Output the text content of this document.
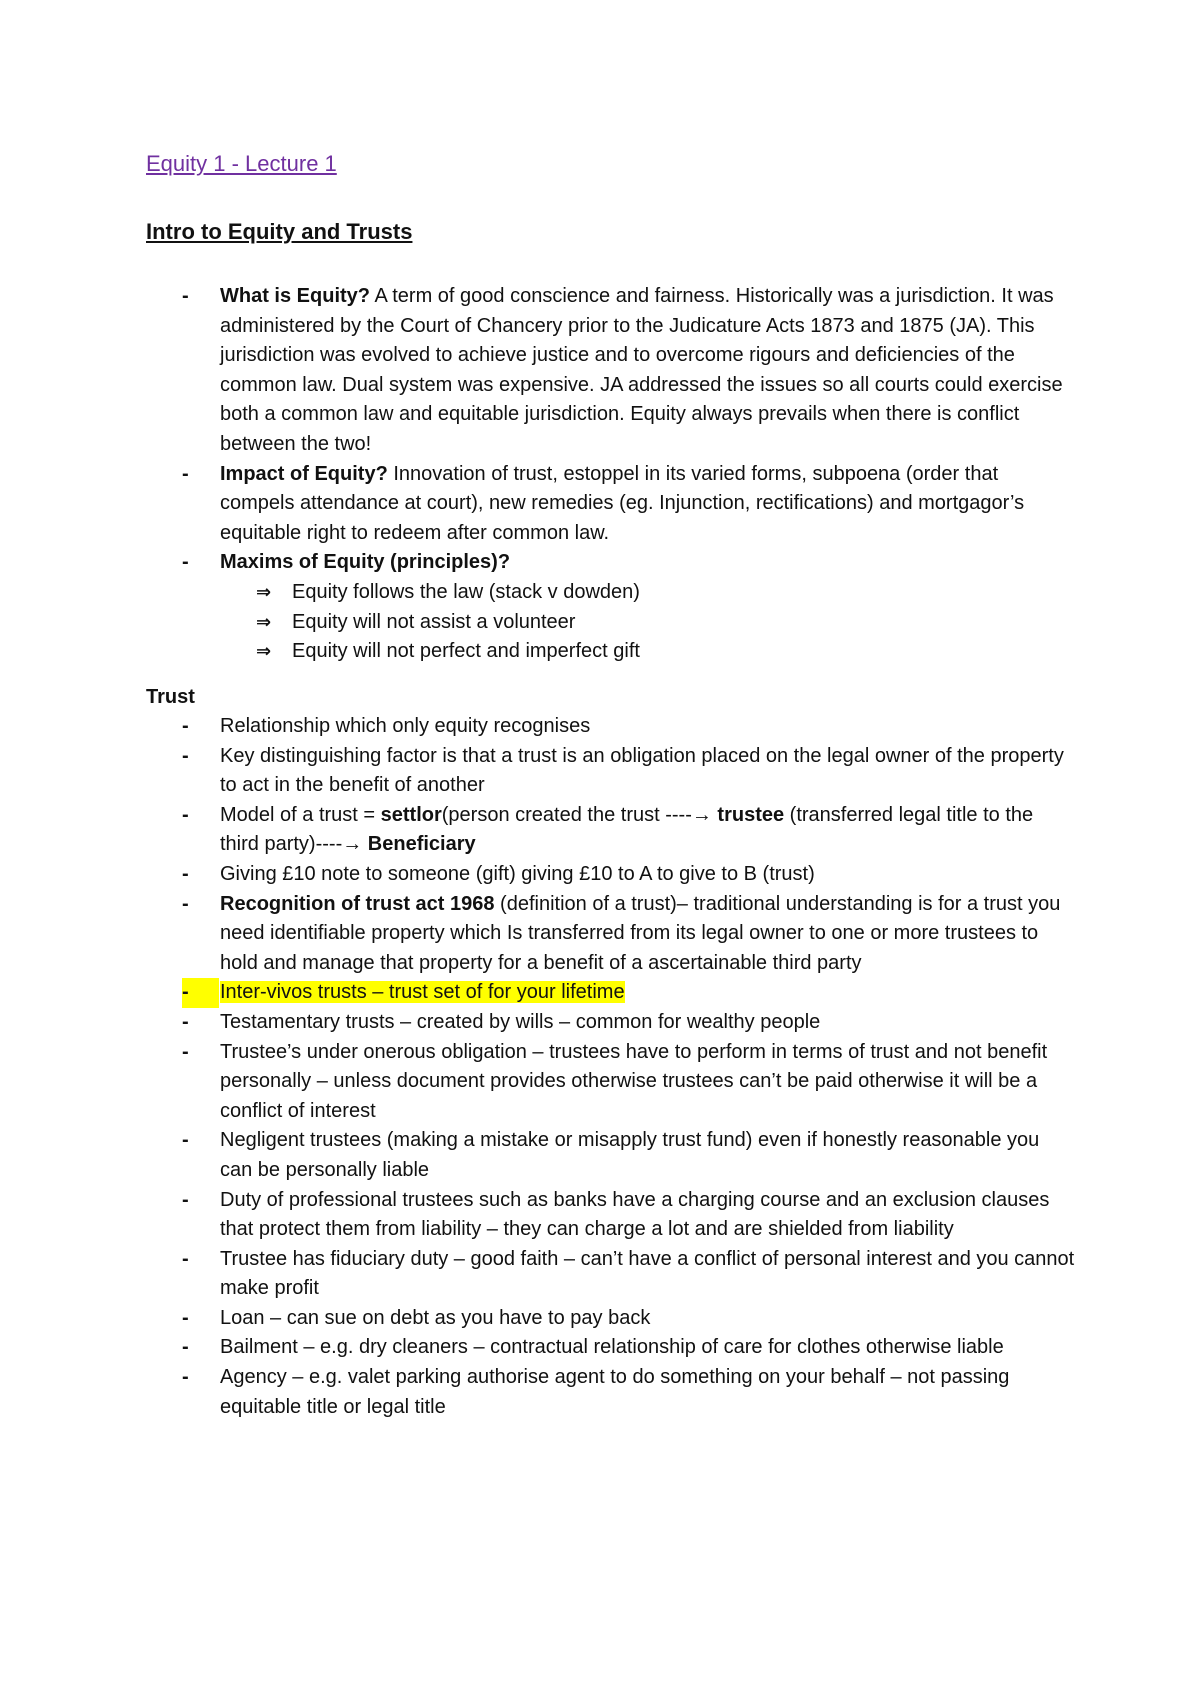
Equity 1 - Lecture 1
Intro to Equity and Trusts
- What is Equity? A term of good conscience and fairness. Historically was a jurisdiction. It was administered by the Court of Chancery prior to the Judicature Acts 1873 and 1875 (JA). This jurisdiction was evolved to achieve justice and to overcome rigours and deficiencies of the common law. Dual system was expensive. JA addressed the issues so all courts could exercise both a common law and equitable jurisdiction. Equity always prevails when there is conflict between the two!
- Impact of Equity? Innovation of trust, estoppel in its varied forms, subpoena (order that compels attendance at court), new remedies (eg. Injunction, rectifications) and mortgagor’s equitable right to redeem after common law.
- Maxims of Equity (principles)?
⇒ Equity follows the law (stack v dowden)
⇒ Equity will not assist a volunteer
⇒ Equity will not perfect and imperfect gift

Trust

- Relationship which only equity recognises
- Key distinguishing factor is that a trust is an obligation placed on the legal owner of the property to act in the benefit of another
- Model of a trust = settlor(person created the trust ----→ trustee (transferred legal title to the third party)----→ Beneficiary
- Giving £10 note to someone (gift) giving £10 to A to give to B (trust)
- Recognition of trust act 1968 (definition of a trust)– traditional understanding is for a trust you need identifiable property which Is transferred from its legal owner to one or more trustees to hold and manage that property for a benefit of a ascertainable third party
-	Inter-vivos trusts – trust set of for your lifetime
- Testamentary trusts – created by wills – common for wealthy people
- Trustee’s under onerous obligation – trustees have to perform in terms of trust and not benefit personally – unless document provides otherwise trustees can’t be paid otherwise it will be a conflict of interest
- Negligent trustees (making a mistake or misapply trust fund) even if honestly reasonable you can be personally liable
- Duty of professional trustees such as banks have a charging course and an exclusion clauses that protect them from liability – they can charge a lot and are shielded from liability
- Trustee has fiduciary duty – good faith – can’t have a conflict of personal interest and you cannot make profit
- Loan – can sue on debt as you have to pay back
- Bailment – e.g. dry cleaners – contractual relationship of care for clothes otherwise liable
- Agency – e.g. valet parking authorise agent to do something on your behalf – not passing equitable title or legal title
